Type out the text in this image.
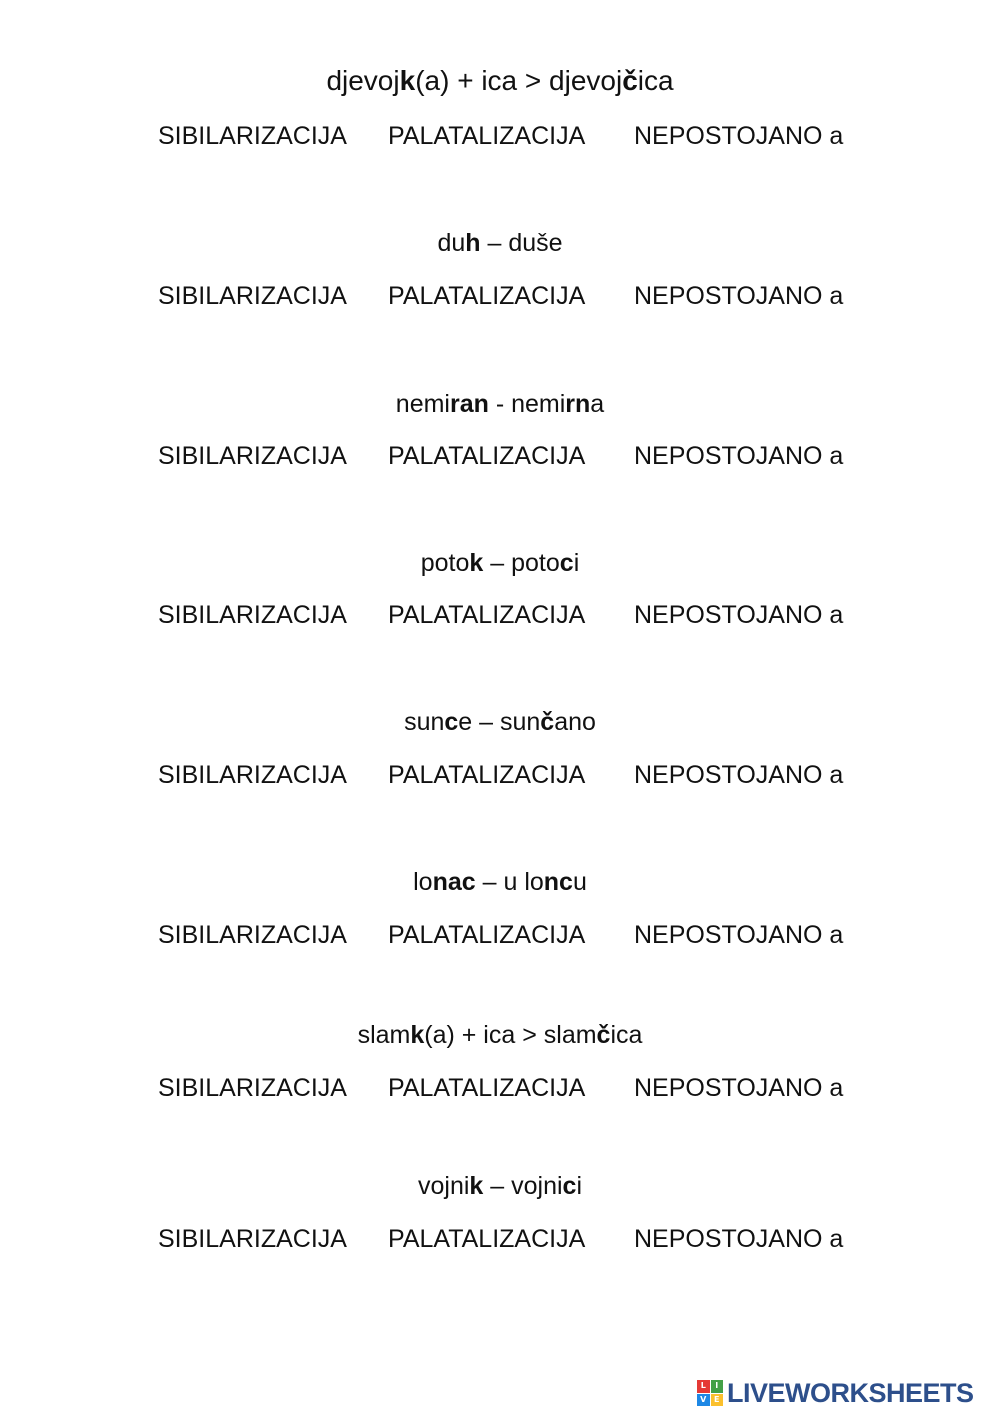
djevojk(a) + ica > djevojčica
SIBILARIZACIJA PALATALIZACIJA NEPOSTOJANO a
duh – duše
SIBILARIZACIJA PALATALIZACIJA NEPOSTOJANO a
nemiran - nemirna
SIBILARIZACIJA PALATALIZACIJA NEPOSTOJANO a
potok – potoci
SIBILARIZACIJA PALATALIZACIJA NEPOSTOJANO a
sunce – sunčano
SIBILARIZACIJA PALATALIZACIJA NEPOSTOJANO a
lonac – u loncu
SIBILARIZACIJA PALATALIZACIJA NEPOSTOJANO a
slamk(a) + ica > slamčica
SIBILARIZACIJA PALATALIZACIJA NEPOSTOJANO a
vojnik – vojnici
SIBILARIZACIJA PALATALIZACIJA NEPOSTOJANO a
L	I
V E LIVEWORKSHEETS
